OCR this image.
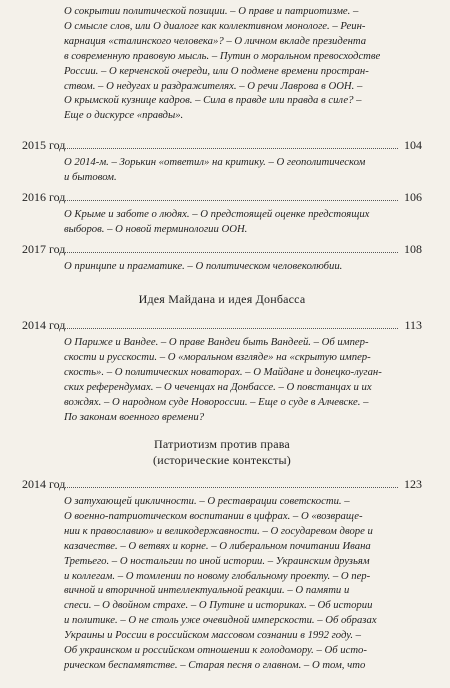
О сокрытии политической позиции. – О праве и патриотизме. –
О смысле слов, или О диалоге как коллективном монологе. – Реин-
карнация «сталинского человека»? – О личном вкладе президента
в современную правовую мысль. – Путин о моральном превосходстве
России. – О керченской очереди, или О подмене времени простран-
ством. – О недугах и раздражителях. – О речи Лаврова в ООН. –
О крымской кузнице кадров. – Сила в правде или правда в силе? –
Еще о дискурсе «правды».

2015 год	104

О 2014-м. – Зорькин «ответил» на критику. – О геополитическом
и бытовом.

2016 год	106

О Крыме и заботе о людях. – О предстоящей оценке предстоящих
выборов. – О новой терминологии ООН.

2017 год	108

О принципе и прагматике. – О политическом человеколюбии.

Идея Майдана и идея Донбасса
2014 год	113

О Париже и Вандее. – О праве Вандеи быть Вандеей. – Об импер-
скости и русскости. – О «моральном взгляде» на «скрытую импер-
скость». – О политических новаторах. – О Майдане и донецко-луган-
ских референдумах. – О чеченцах на Донбассе. – О повстанцах и их
вождях. – О народном суде Новороссии. – Еще о суде в Алчевске. –
По законам военного времени?

Патриотизм против права
(исторические контексты)
2014 год	123

О затухающей цикличности. – О реставрации советскости. –
О военно-патриотическом воспитании в цифрах. – О «возвраще-
нии к православию» и великодержавности. – О государевом дворе и
казачестве. – О ветвях и корне. – О либеральном почитании Ивана
Третьего. – О ностальгии по иной истории. – Украинским друзьям
и коллегам. – О томлении по новому глобальному проекту. – О пер-
вичной и вторичной интеллектуальной реакции. – О памяти и
спеси. – О двойном страхе. – О Путине и историках. – Об истории
и политике. – О не столь уже очевидной имперскости. – Об образах
Украины и России в российском массовом сознании в 1992 году. –
Об украинском и российском отношении к голодомору. – Об исто-
рическом беспамятстве. – Старая песня о главном. – О том, что
